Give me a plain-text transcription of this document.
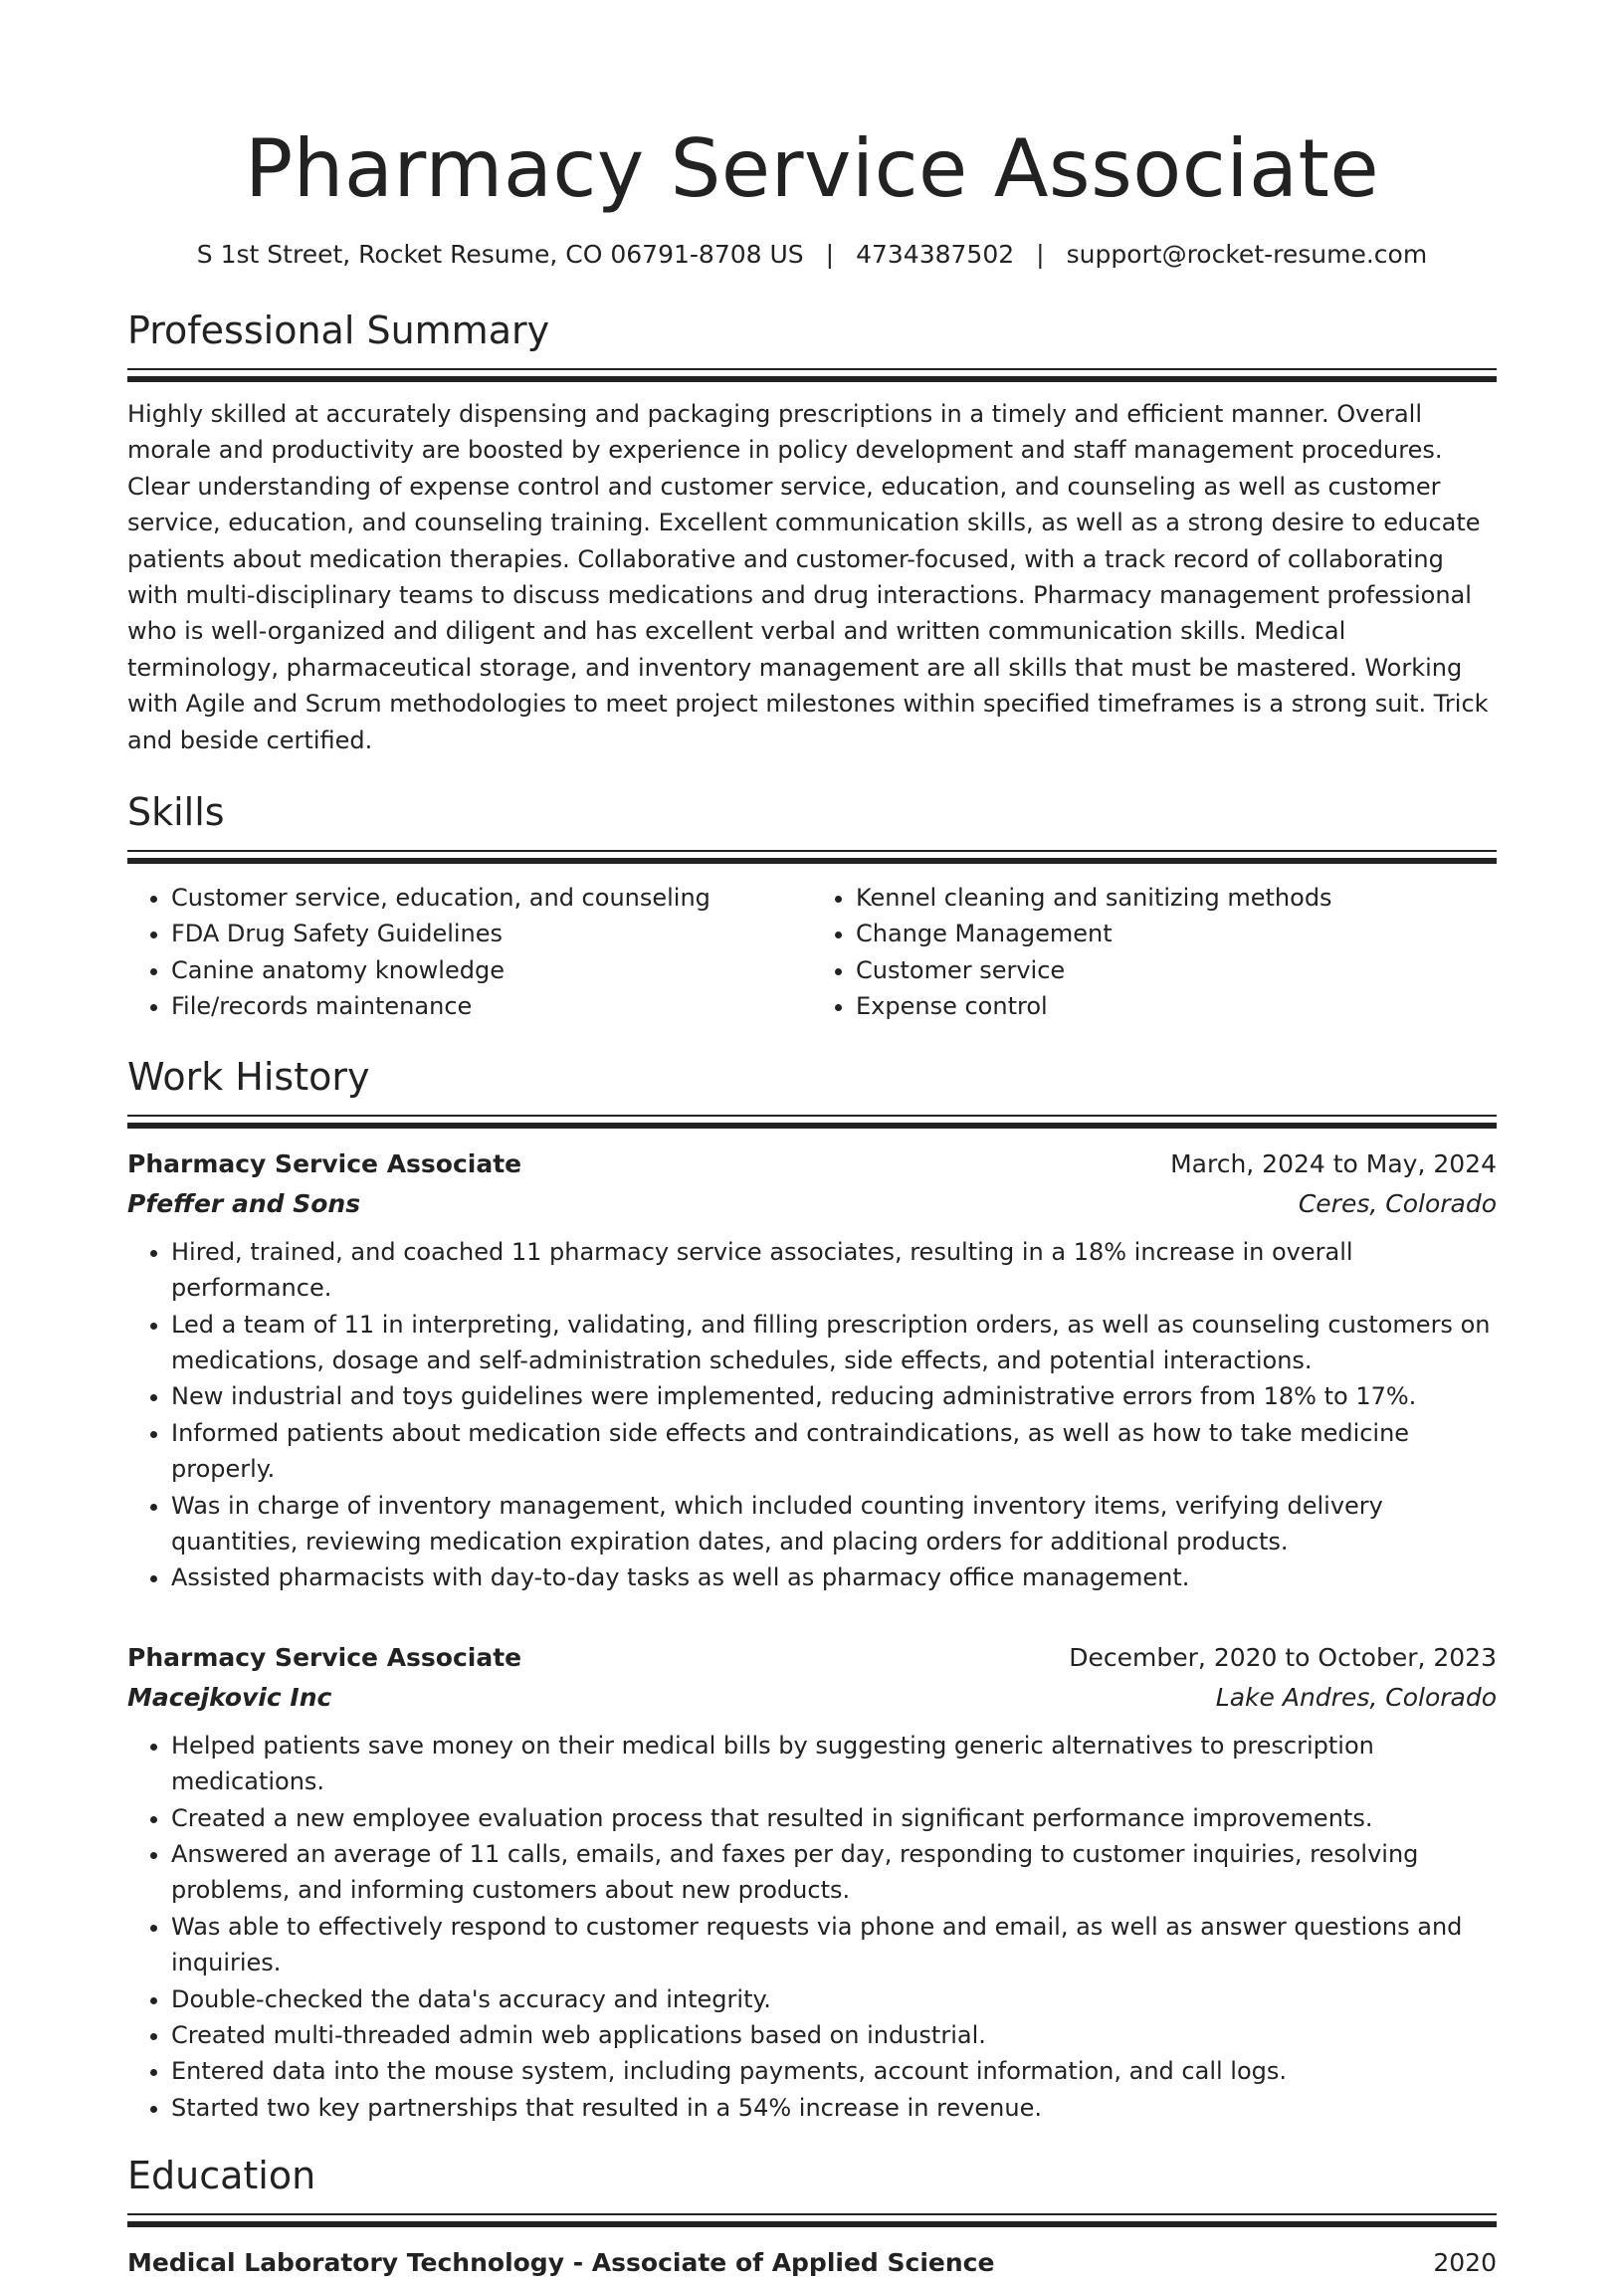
Pharmacy Service Associate
S 1st Street, Rocket Resume, CO 06791-8708 US | 4734387502 | support@rocket-resume.com
Professional Summary

Highly skilled at accurately dispensing and packaging prescriptions in a timely and efficient manner. Overall morale and productivity are boosted by experience in policy development and staff management procedures. Clear understanding of expense control and customer service, education, and counseling as well as customer service, education, and counseling training. Excellent communication skills, as well as a strong desire to educate patients about medication therapies. Collaborative and customer-focused, with a track record of collaborating with multi-disciplinary teams to discuss medications and drug interactions. Pharmacy management professional who is well-organized and diligent and has excellent verbal and written communication skills. Medical terminology, pharmaceutical storage, and inventory management are all skills that must be mastered. Working with Agile and Scrum methodologies to meet project milestones within specified timeframes is a strong suit. Trick and beside certified.

Skills
• Customer service, education, and counseling
• FDA Drug Safety Guidelines
• Canine anatomy knowledge
• File/records maintenance
• Kennel cleaning and sanitizing methods
• Change Management
• Customer service
• Expense control
Work History
Pharmacy Service Associate	March, 2024 to May, 2024
Pfeffer and Sons	Ceres, Colorado
• Hired, trained, and coached 11 pharmacy service associates, resulting in a 18% increase in overall performance.
• Led a team of 11 in interpreting, validating, and filling prescription orders, as well as counseling customers on medications, dosage and self-administration schedules, side effects, and potential interactions.
• New industrial and toys guidelines were implemented, reducing administrative errors from 18% to 17%.
• Informed patients about medication side effects and contraindications, as well as how to take medicine properly.
• Was in charge of inventory management, which included counting inventory items, verifying delivery quantities, reviewing medication expiration dates, and placing orders for additional products.
• Assisted pharmacists with day-to-day tasks as well as pharmacy office management.
Pharmacy Service Associate	December, 2020 to October, 2023
Macejkovic Inc	Lake Andres, Colorado
• Helped patients save money on their medical bills by suggesting generic alternatives to prescription medications.
• Created a new employee evaluation process that resulted in significant performance improvements.
• Answered an average of 11 calls, emails, and faxes per day, responding to customer inquiries, resolving problems, and informing customers about new products.
• Was able to effectively respond to customer requests via phone and email, as well as answer questions and inquiries.
• Double-checked the data's accuracy and integrity.
• Created multi-threaded admin web applications based on industrial.
• Entered data into the mouse system, including payments, account information, and call logs.
• Started two key partnerships that resulted in a 54% increase in revenue.
Education
Medical Laboratory Technology - Associate of Applied Science	2020
